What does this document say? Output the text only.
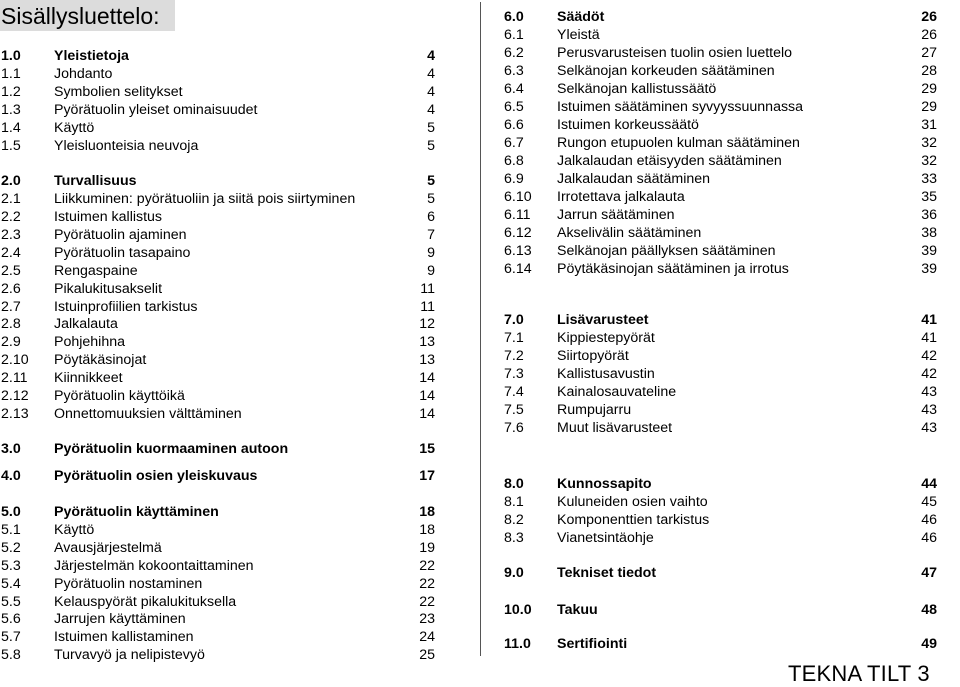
Sisällysluettelo:
1.0 Yleistietoja	4
1.1 Johdanto	4
1.2 Symbolien selitykset	4
1.3 Pyörätuolin yleiset ominaisuudet	4
1.4 Käyttö	5
1.5 Yleisluonteisia neuvoja	5
2.0 Turvallisuus	5
2.1 Liikkuminen: pyörätuoliin ja siitä pois siirtyminen	5
2.2 Istuimen kallistus	6
2.3 Pyörätuolin ajaminen	7
2.4 Pyörätuolin tasapaino	9
2.5 Rengaspaine	9
2.6 Pikalukitusakselit	11
2.7 Istuinprofiilien tarkistus	11
2.8 Jalkalauta	12
2.9 Pohjehihna	13
2.10 Pöytäkäsinojat	13
2.11 Kiinnikkeet	14
2.12 Pyörätuolin käyttöikä	14
2.13 Onnettomuuksien välttäminen	14
3.0 Pyörätuolin kuormaaminen autoon	15
4.0 Pyörätuolin osien yleiskuvaus	17
5.0 Pyörätuolin käyttäminen	18
5.1 Käyttö	18
5.2 Avausjärjestelmä	19
5.3 Järjestelmän kokoontaittaminen	22
5.4 Pyörätuolin nostaminen	22
5.5 Kelauspyörät pikalukituksella	22
5.6 Jarrujen käyttäminen	23
5.7 Istuimen kallistaminen	24
5.8 Turvavyö ja nelipistevyö	25
6.0 Säädöt	26
6.1 Yleistä	26
6.2 Perusvarusteisen tuolin osien luettelo	27
6.3 Selkänojan korkeuden säätäminen	28
6.4 Selkänojan kallistussäätö	29
6.5 Istuimen säätäminen syvyyssuunnassa	29
6.6 Istuimen korkeussäätö	31
6.7 Rungon etupuolen kulman säätäminen	32
6.8 Jalkalaudan etäisyyden säätäminen	32
6.9 Jalkalaudan säätäminen	33
6.10 Irrotettava jalkalauta	35
6.11 Jarrun säätäminen	36
6.12 Akselivälin säätäminen	38
6.13 Selkänojan päällyksen säätäminen	39
6.14 Pöytäkäsinojan säätäminen ja irrotus	39
7.0 Lisävarusteet	41
7.1 Kippiestepyörät	41
7.2 Siirtopyörät	42
7.3 Kallistusavustin	42
7.4 Kainalosauvateline	43
7.5 Rumpujarru	43
7.6 Muut lisävarusteet	43
8.0 Kunnossapito	44
8.1 Kuluneiden osien vaihto	45
8.2 Komponenttien tarkistus	46
8.3 Vianetsintäohje	46
9.0 Tekniset tiedot	47
10.0 Takuu	48
11.0 Sertifiointi	49
TEKNA TILT 3
